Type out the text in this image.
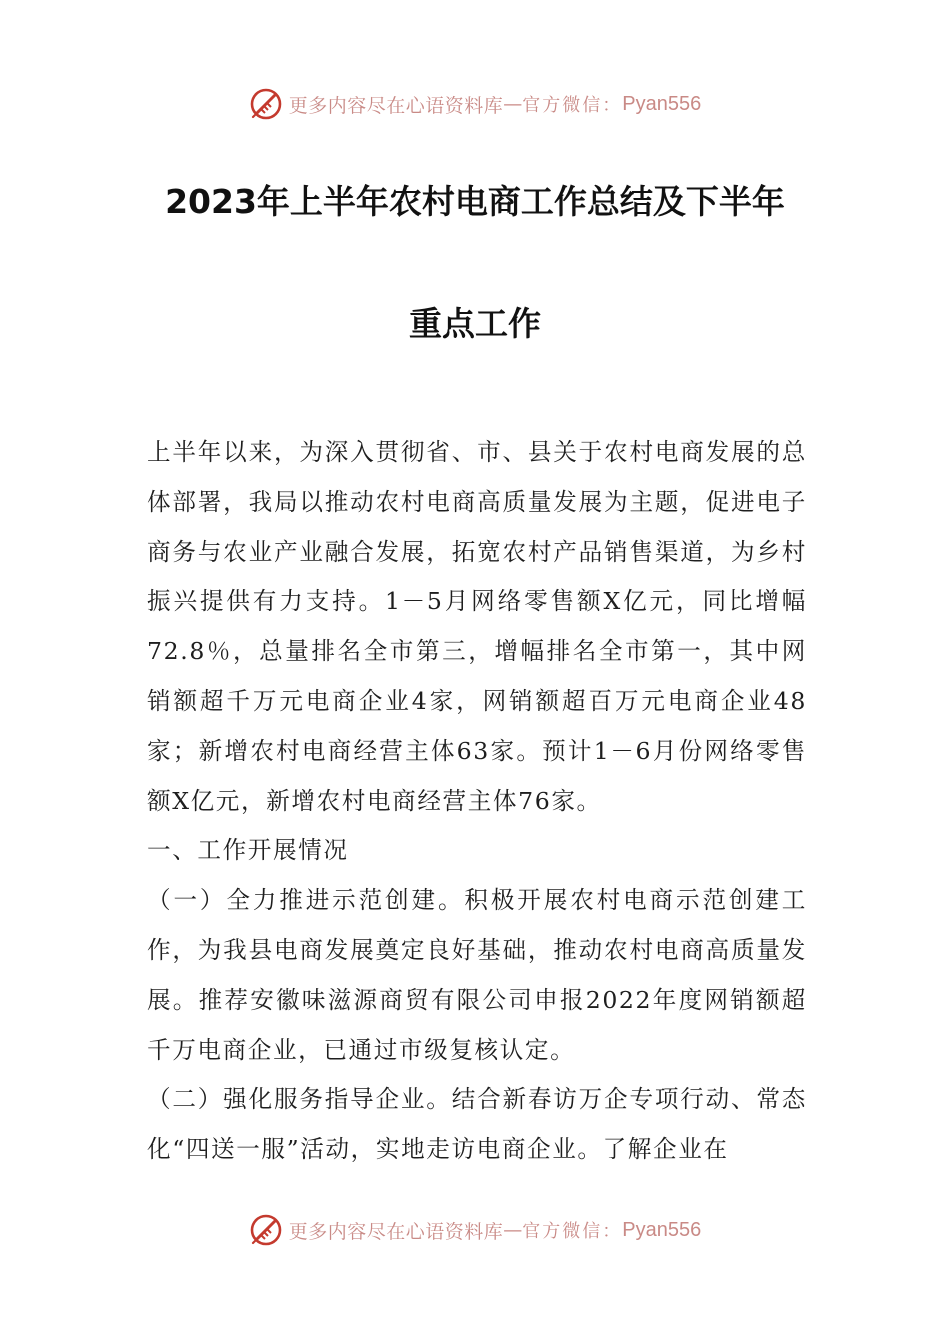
更多内容尽在心语资料库 — 官方微信： Pyan556
2023年上半年农村电商工作总结及下半年
重点工作

上半年以来，为深入贯彻省、市、县关于农村电商发展的总体部署，我局以推动农村电商高质量发展为主题，促进电子商务与农业产业融合发展，拓宽农村产品销售渠道，为乡村振兴提供有力支持。1－5月网络零售额X亿元，同比增幅72.8％，总量排名全市第三，增幅排名全市第一，其中网销额超千万元电商企业4家，网销额超百万元电商企业48家；新增农村电商经营主体63家。预计1－6月份网络零售额X亿元，新增农村电商经营主体76家。

一、工作开展情况

（一）全力推进示范创建。积极开展农村电商示范创建工作，为我县电商发展奠定良好基础，推动农村电商高质量发展。推荐安徽味滋源商贸有限公司申报2022年度网销额超千万电商企业，已通过市级复核认定。

（二）强化服务指导企业。结合新春访万企专项行动、常态化“四送一服”活动，实地走访电商企业。了解企业在

更多内容尽在心语资料库 — 官方微信： Pyan556
